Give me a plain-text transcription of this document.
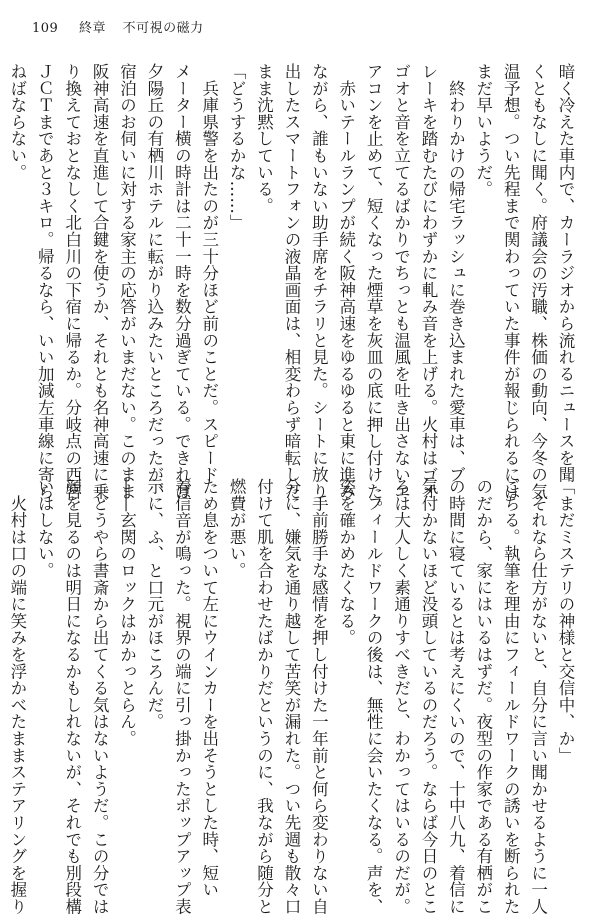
109 終章 不可視の磁力

暗く冷えた車内で、カーラジオから流れるニュースを聞

くともなしに聞く。府議会の汚職、株価の動向、今冬の気

温予想。つい先程まで関わっていた事件が報じられるには

まだ早いようだ。

　終わりかけの帰宅ラッシュに巻き込まれた愛車は、ブ

レーキを踏むたびにわずかに軋み音を上げる。火村はゴオ

ゴオと音を立てるばかりでちっとも温風を吐き出さないエ

アコンを止めて、短くなった煙草を灰皿の底に押し付けた。

　赤いテールランプが続く阪神高速をゆるゆると東に進み

ながら、誰もいない助手席をチラリと見た。シートに放り

出したスマートフォンの液晶画面は、相変わらず暗転した

まま沈黙している。

「どうするかな……」

　兵庫県警を出たのが三十分ほど前のことだ。スピード

メーター横の時計は二十一時を数分過ぎている。できれば

夕陽丘の有栖川ホテルに転がり込みたいところだったが、

宿泊のお伺いに対する家主の応答がいまだない。このまま

阪神高速を直進して合鍵を使うか、それとも名神高速に乗

り換えておとなしく北白川の下宿に帰るか。分岐点の西宮

ＪＣＴまであと３キロ。帰るなら、いい加減左車線に寄ら

ねばならない。

「まだミステリの神様と交信中、か」

　それなら仕方がないと、自分に言い聞かせるように一人

ごちる。執筆を理由にフィールドワークの誘いを断られた

のだから、家にはいるはずだ。夜型の作家である有栖がこ

の時間に寝ているとは考えにくいので、十中八九、着信に

気付かないほど没頭しているのだろう。ならば今日のとこ

ろは大人しく素通りすべきだと、わかってはいるのだが。

　フィールドワークの後は、無性に会いたくなる。声を、

姿を確かめたくなる。

　手前勝手な感情を押し付けた一年前と何ら変わりない自

分に、嫌気を通り越して苦笑が漏れた。つい先週も散々口

付けて肌を合わせたばかりだというのに、我ながら随分と

燃費が悪い。

ため息をついて左にウインカーを出そうとした時、短い

着信音が鳴った。視界の端に引っ掛かったポップアップ表

示に、ふ、と口元がほころんだ。

――玄関のロックはかかっとらん。

　どうやら書斎から出てくる気はないようだ。この分では

顔を見るのは明日になるかもしれないが、それでも別段構

いはしない。

　火村は口の端に笑みを浮かべたままステアリングを握り
